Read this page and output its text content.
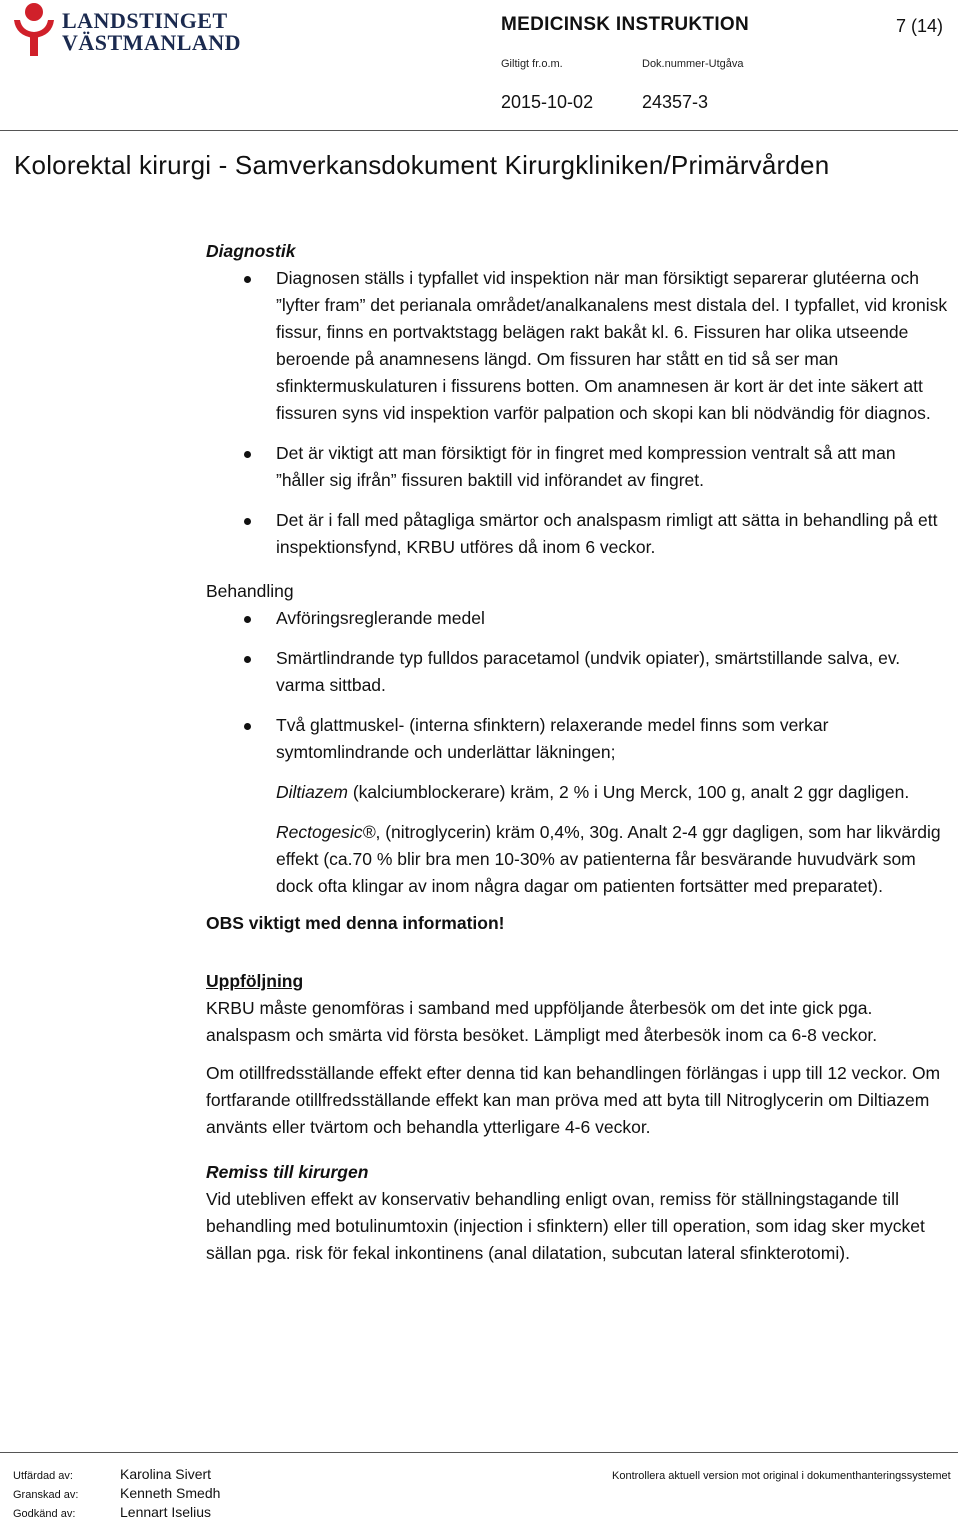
LANDSTINGET
VÄSTMANLAND
MEDICINSK INSTRUKTION	7 (14)
Giltigt fr.o.m.	Dok.nummer-Utgåva
2015-10-02	24357-3
Kolorektal kirurgi - Samverkansdokument Kirurgkliniken/Primärvården

Diagnostik

Diagnosen ställs i typfallet vid inspektion när man försiktigt separerar glutéerna och ”lyfter fram” det perianala området/analkanalens mest distala del. I typfallet, vid kronisk fissur, finns en portvaktstagg belägen rakt bakåt kl. 6. Fissuren har olika utseende beroende på anamnesens längd. Om fissuren har stått en tid så ser man sfinktermuskulaturen i fissurens botten. Om anamnesen är kort är det inte säkert att fissuren syns vid inspektion varför palpation och skopi kan bli nödvändig för diagnos.
Det är viktigt att man försiktigt för in fingret med kompression ventralt så att man ”håller sig ifrån” fissuren baktill vid införandet av fingret.
Det är i fall med påtagliga smärtor och analspasm rimligt att sätta in behandling på ett inspektionsfynd, KRBU utföres då inom 6 veckor.

Behandling

Avföringsreglerande medel
Smärtlindrande typ fulldos paracetamol (undvik opiater), smärtstillande salva, ev. varma sittbad.
Två glattmuskel- (interna sfinktern) relaxerande medel finns som verkar symtomlindrande och underlättar läkningen;
Diltiazem (kalciumblockerare) kräm, 2 % i Ung Merck, 100 g, analt 2 ggr dagligen.
Rectogesic®, (nitroglycerin) kräm 0,4%, 30g. Analt 2-4 ggr dagligen, som har likvärdig effekt (ca.70 % blir bra men 10-30% av patienterna får besvärande huvudvärk som dock ofta klingar av inom några dagar om patienten fortsätter med preparatet).

OBS viktigt med denna information!

Uppföljning

KRBU måste genomföras i samband med uppföljande återbesök om det inte gick pga. analspasm och smärta vid första besöket. Lämpligt med återbesök inom ca 6-8 veckor.

Om otillfredsställande effekt efter denna tid kan behandlingen förlängas i upp till 12 veckor. Om fortfarande otillfredsställande effekt kan man pröva med att byta till Nitroglycerin om Diltiazem använts eller tvärtom och behandla ytterligare 4-6 veckor.

Remiss till kirurgen

Vid utebliven effekt av konservativ behandling enligt ovan, remiss för ställningstagande till behandling med botulinumtoxin (injection i sfinktern) eller till operation, som idag sker mycket sällan pga. risk för fekal inkontinens (anal dilatation, subcutan lateral sfinkterotomi).

Utfärdad av:	Karolina Sivert
Granskad av:	Kenneth Smedh
Godkänd av:	Lennart Iselius
Kontrollera aktuell version mot original i dokumenthanteringssystemet
